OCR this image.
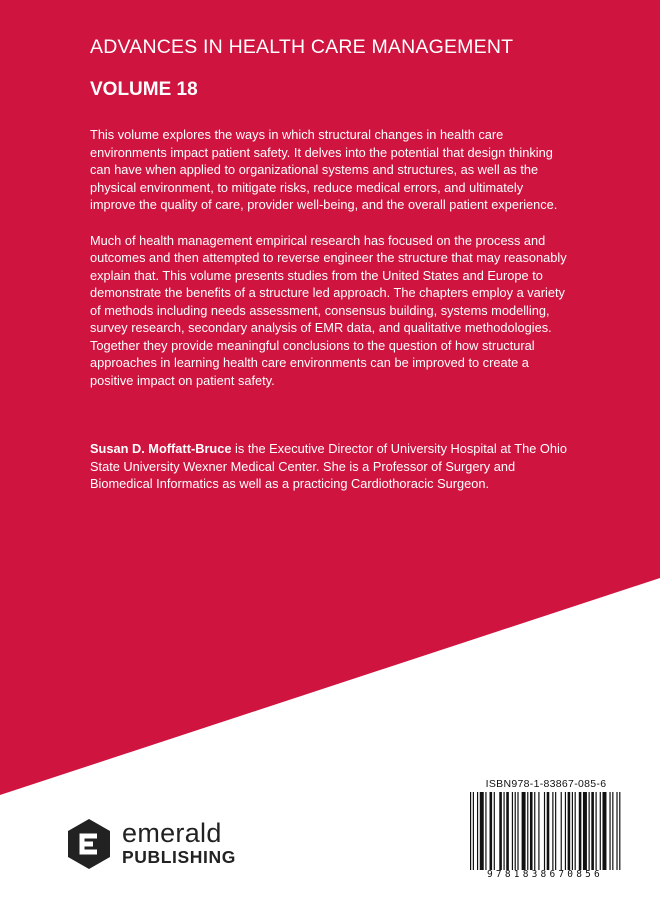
ADVANCES IN HEALTH CARE MANAGEMENT
VOLUME 18

This volume explores the ways in which structural changes in health care environments impact patient safety. It delves into the potential that design thinking can have when applied to organizational systems and structures, as well as the physical environment, to mitigate risks, reduce medical errors, and ultimately improve the quality of care, provider well-being, and the overall patient experience.

Much of health management empirical research has focused on the process and outcomes and then attempted to reverse engineer the structure that may reasonably explain that. This volume presents studies from the United States and Europe to demonstrate the benefits of a structure led approach. The chapters employ a variety of methods including needs assessment, consensus building, systems modelling, survey research, secondary analysis of EMR data, and qualitative methodologies. Together they provide meaningful conclusions to the question of how structural approaches in learning health care environments can be improved to create a positive impact on patient safety.

Susan D. Moffatt-Bruce is the Executive Director of University Hospital at The Ohio State University Wexner Medical Center. She is a Professor of Surgery and Biomedical Informatics as well as a practicing Cardiothoracic Surgeon.

emerald
PUBLISHING
ISBN978-1-83867-085-6
9781838670856
